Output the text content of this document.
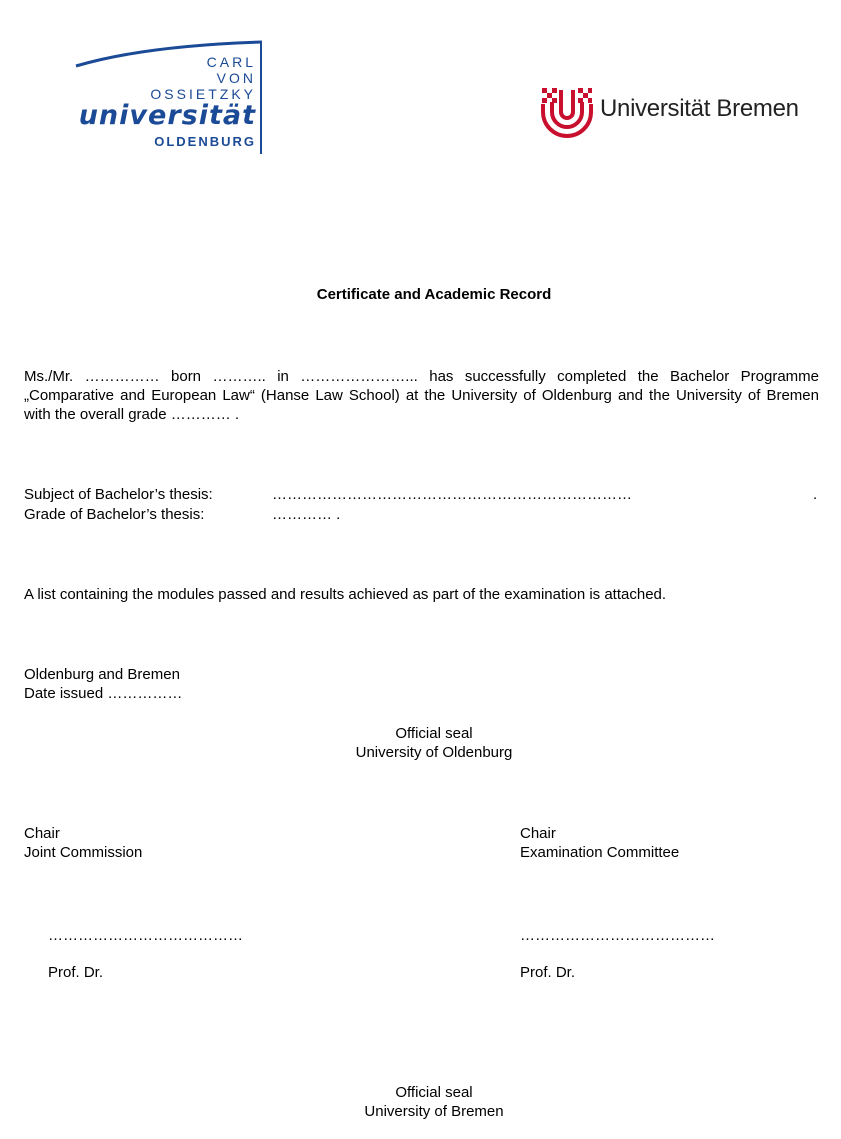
CARL
VON
OSSIETZKY
universität
OLDENBURG
Universität Bremen
Certificate and Academic Record
Ms./Mr. …………… born ……….. in …………………... has successfully completed the Bachelor Programme „Comparative and European Law“ (Hanse Law School) at the University of Oldenburg and the University of Bremen with the overall grade ………… .
Subject of Bachelor’s thesis:	………………………………………………………………	.
Grade of Bachelor’s thesis:	………… .
A list containing the modules passed and results achieved as part of the examination is attached.
Oldenburg and Bremen
Date issued ……………
Official seal
University of Oldenburg
Chair
Joint Commission
…………………………………
Prof. Dr.
Chair
Examination Committee
…………………………………
Prof. Dr.
Official seal
University of Bremen
